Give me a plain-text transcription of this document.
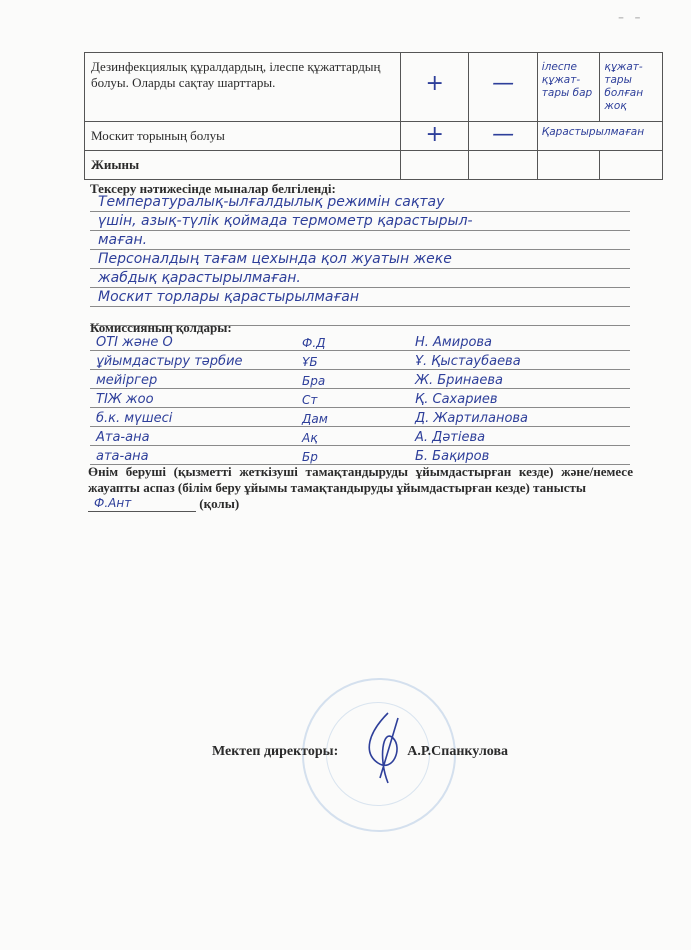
- -
Дезинфекциялық құралдардың, ілеспе құжаттардың болуы. Оларды сақтау шарттары.	+	—	ілеспе құжат-тары бар	құжат-тары болған жоқ

Москит торының болуы	+	—	Қарастырылмаған	

Жиыны				
Тексеру нәтижесінде мыналар белгіленді:
Температуралық-ылғалдылық режимін сақтау
үшін, азық-түлік қоймада термометр қарастырыл-
маған.
Персоналдың тағам цехында қол жуатын жеке
жабдық қарастырылмаған.
Москит торлары қарастырылмаған
Комиссияның қолдары:
ОТІ және О	Ф.Д	Н. Амирова
ұйымдастыру тәрбие	ҰБ	Ұ. Қыстаубаева
мейіргер	Бра	Ж. Бринаева
ТІЖ жоо	Ст	Қ. Сахариев
б.к. мүшесі	Дам	Д. Жартиланова
Ата-ана	Ақ	А. Дәтіева
ата-ана	Бр	Б. Бақиров
Өнім беруші (қызметті жеткізуші тамақтандыруды ұйымдастырған кезде) және/немесе жауапты аспаз (білім беру ұйымы тамақтандыруды ұйымдастырған кезде) танысты

Ф.Ант	(қолы)
Мектеп директоры:	А.Р.Спанкулова
